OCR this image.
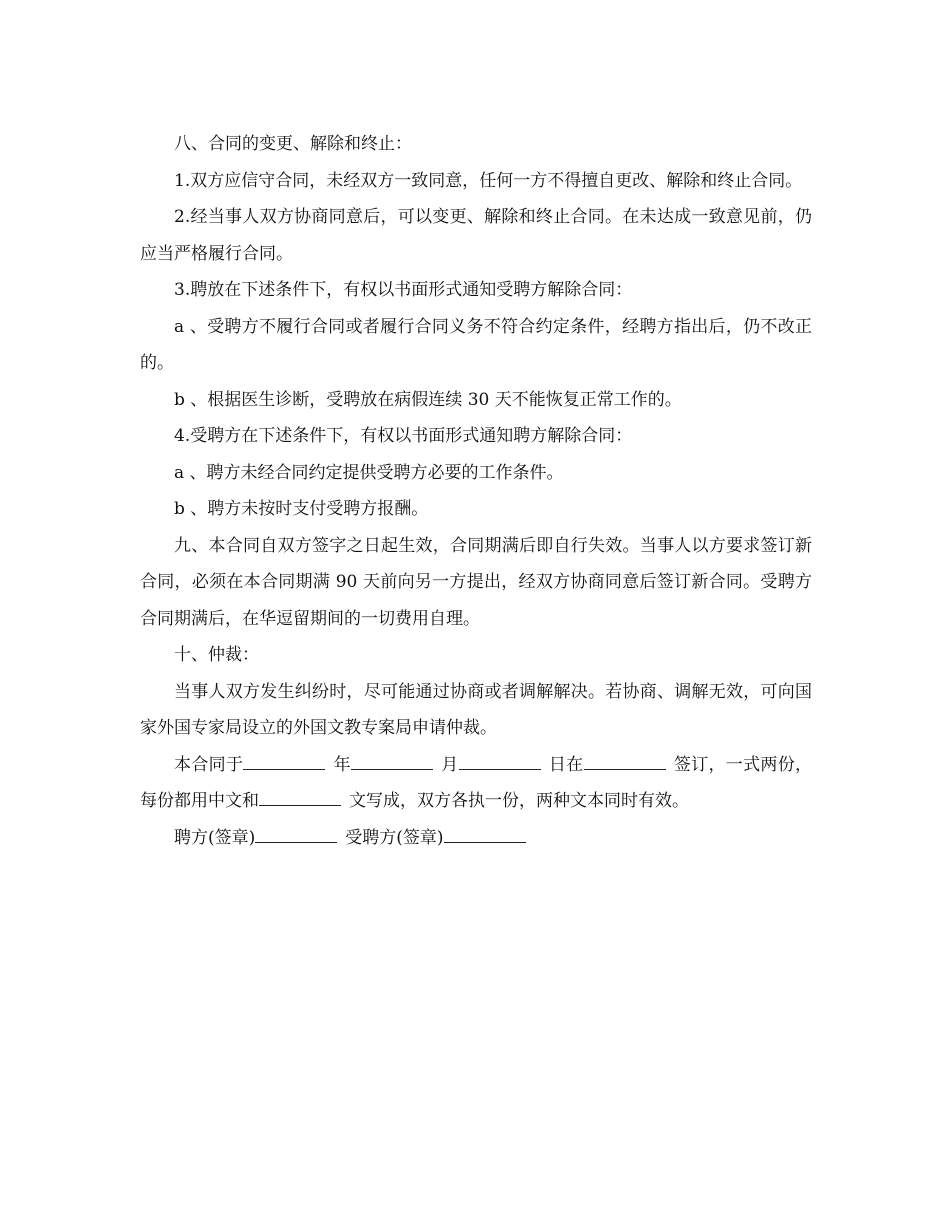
八、合同的变更、解除和终止：

1.双方应信守合同，未经双方一致同意，任何一方不得擅自更改、解除和终止合同。

2.经当事人双方协商同意后，可以变更、解除和终止合同。在未达成一致意见前，仍应当严格履行合同。

3.聘放在下述条件下，有权以书面形式通知受聘方解除合同：

a 、受聘方不履行合同或者履行合同义务不符合约定条件，经聘方指出后，仍不改正的。

b 、根据医生诊断，受聘放在病假连续 30 天不能恢复正常工作的。

4.受聘方在下述条件下，有权以书面形式通知聘方解除合同：

a 、聘方未经合同约定提供受聘方必要的工作条件。

b 、聘方未按时支付受聘方报酬。

九、本合同自双方签字之日起生效，合同期满后即自行失效。当事人以方要求签订新合同，必须在本合同期满 90 天前向另一方提出，经双方协商同意后签订新合同。受聘方合同期满后，在华逗留期间的一切费用自理。

十、仲裁：

当事人双方发生纠纷时，尽可能通过协商或者调解解决。若协商、调解无效，可向国家外国专家局设立的外国文教专案局申请仲裁。

本合同于	年	月	日在	签订，一式两份，每份都用中文和	文写成，双方各执一份，两种文本同时有效。

聘方(签章)	受聘方(签章)
